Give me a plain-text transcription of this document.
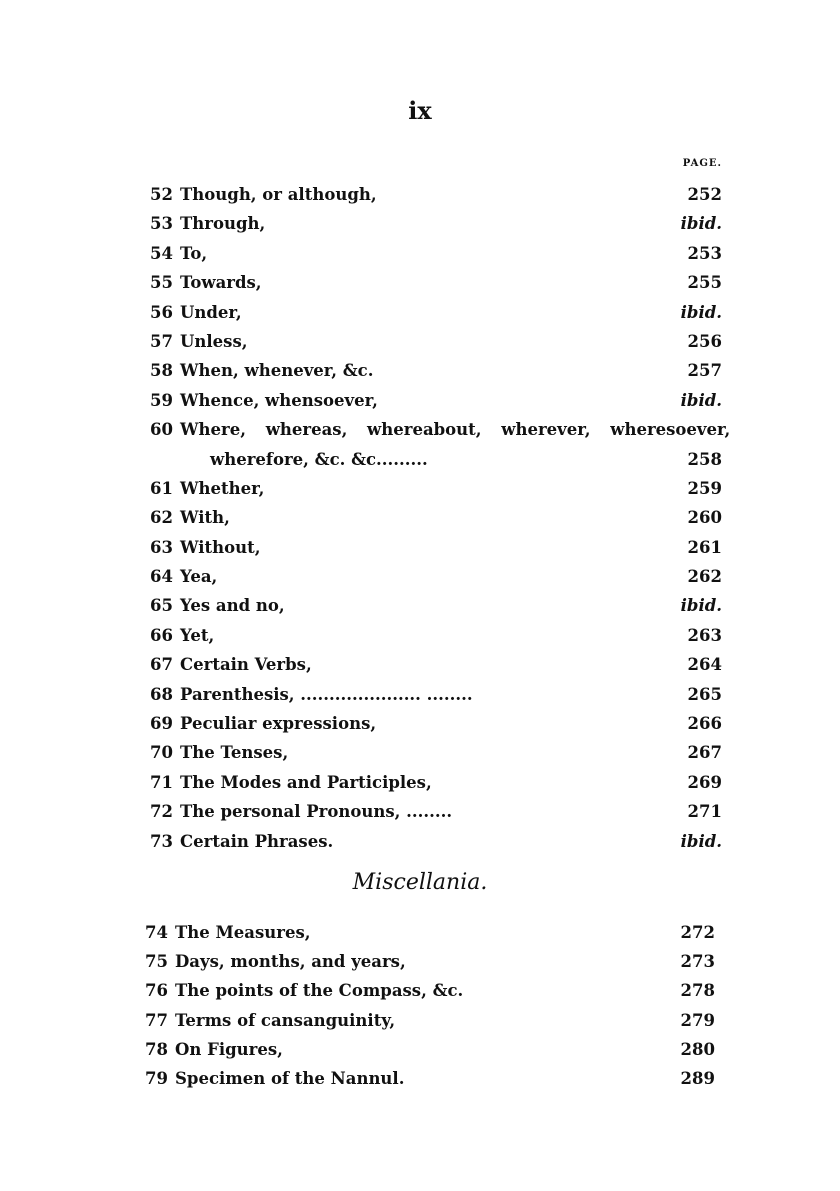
ix
PAGE.
52 Though, or although,	252
53 Through,	ibid.
54 To,	253
55 Towards,	255
56 Under,	ibid.
57 Unless,	256
58 When, whenever, &c.	257
59 Whence, whensoever,	ibid.
60 Where, whereas, whereabout, wherever, wheresoever,
wherefore, &c. &c.........	258
61 Whether,	259
62 With,	260
63 Without,	261
64 Yea,	262
65 Yes and no,	ibid.
66 Yet,	263
67 Certain Verbs,	264
68 Parenthesis, ..................... ........	265
69 Peculiar expressions,	266
70 The Tenses,	267
71 The Modes and Participles,	269
72 The personal Pronouns, ........	271
73 Certain Phrases.	ibid.
Miscellania.
74 The Measures,	272
75 Days, months, and years,	273
76 The points of the Compass, &c.	278
77 Terms of cansanguinity,	279
78 On Figures,	280
79 Specimen of the Nannul.	289
